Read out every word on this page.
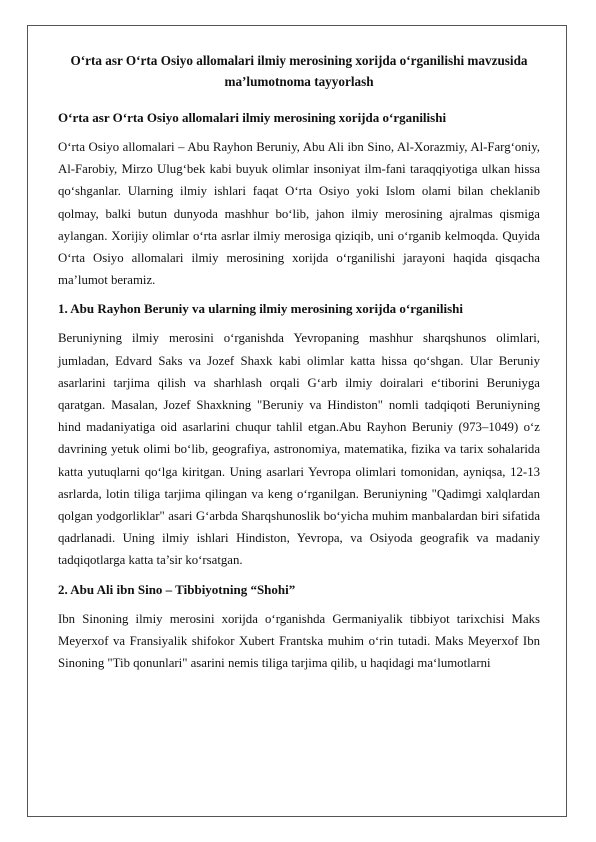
O‘rta asr O‘rta Osiyo allomalari ilmiy merosining xorijda o‘rganilishi mavzusida ma’lumotnoma tayyorlash
O‘rta asr O‘rta Osiyo allomalari ilmiy merosining xorijda o‘rganilishi
O‘rta Osiyo allomalari – Abu Rayhon Beruniy, Abu Ali ibn Sino, Al-Xorazmiy, Al-Farg‘oniy, Al-Farobiy, Mirzo Ulug‘bek kabi buyuk olimlar insoniyat ilm-fani taraqqiyotiga ulkan hissa qo‘shganlar. Ularning ilmiy ishlari faqat O‘rta Osiyo yoki Islom olami bilan cheklanib qolmay, balki butun dunyoda mashhur bo‘lib, jahon ilmiy merosining ajralmas qismiga aylangan. Xorijiy olimlar o‘rta asrlar ilmiy merosiga qiziqib, uni o‘rganib kelmoqda. Quyida O‘rta Osiyo allomalari ilmiy merosining xorijda o‘rganilishi jarayoni haqida qisqacha ma’lumot beramiz.
1. Abu Rayhon Beruniy va ularning ilmiy merosining xorijda o‘rganilishi
Beruniyning ilmiy merosini o‘rganishda Yevropaning mashhur sharqshunos olimlari, jumladan, Edvard Saks va Jozef Shaxk kabi olimlar katta hissa qo‘shgan. Ular Beruniy asarlarini tarjima qilish va sharhlash orqali G‘arb ilmiy doiralari e‘tiborini Beruniyga qaratgan. Masalan, Jozef Shaxkning "Beruniy va Hindiston" nomli tadqiqoti Beruniyning hind madaniyatiga oid asarlarini chuqur tahlil etgan.Abu Rayhon Beruniy (973–1049) o‘z davrining yetuk olimi bo‘lib, geografiya, astronomiya, matematika, fizika va tarix sohalarida katta yutuqlarni qo‘lga kiritgan. Uning asarlari Yevropa olimlari tomonidan, ayniqsa, 12-13 asrlarda, lotin tiliga tarjima qilingan va keng o‘rganilgan. Beruniyning "Qadimgi xalqlardan qolgan yodgorliklar" asari G‘arbda Sharqshunoslik bo‘yicha muhim manbalardan biri sifatida qadrlanadi. Uning ilmiy ishlari Hindiston, Yevropa, va Osiyoda geografik va madaniy tadqiqotlarga katta ta’sir ko‘rsatgan.
2. Abu Ali ibn Sino – Tibbiyotning “Shohi”
Ibn Sinoning ilmiy merosini xorijda o‘rganishda Germaniyalik tibbiyot tarixchisi Maks Meyerxof va Fransiyalik shifokor Xubert Frantska muhim o‘rin tutadi. Maks Meyerxof Ibn Sinoning "Tib qonunlari" asarini nemis tiliga tarjima qilib, u haqidagi ma‘lumotlarni
